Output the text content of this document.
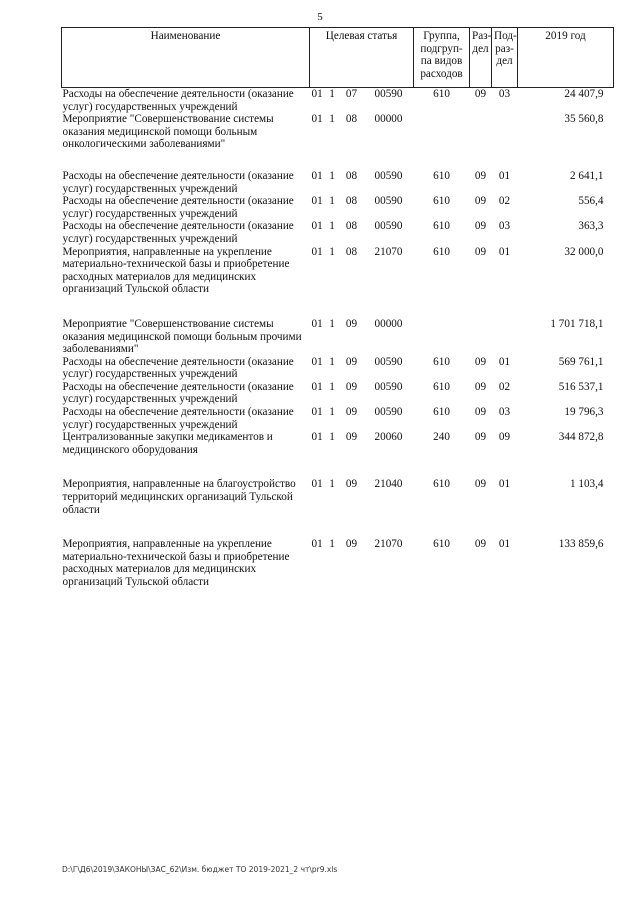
5
Наименование	Целевая статья				Группа, подгруп-па видов расходов	Раз-дел	Под-раз-дел	2019 год
Расходы на обеспечение деятельности (оказание услуг) государственных учреждений	01	1	07	00590	610	09	03	24 407,9
Мероприятие "Совершенствование системы оказания медицинской помощи больным онкологическими заболеваниями"	01	1	08	00000				35 560,8
Расходы на обеспечение деятельности (оказание услуг) государственных учреждений	01	1	08	00590	610	09	01	2 641,1
Расходы на обеспечение деятельности (оказание услуг) государственных учреждений	01	1	08	00590	610	09	02	556,4
Расходы на обеспечение деятельности (оказание услуг) государственных учреждений	01	1	08	00590	610	09	03	363,3
Мероприятия, направленные на укрепление материально-технической базы и приобретение расходных материалов для медицинских организаций Тульской области	01	1	08	21070	610	09	01	32 000,0
Мероприятие "Совершенствование системы оказания медицинской помощи больным прочими заболеваниями"	01	1	09	00000				1 701 718,1
Расходы на обеспечение деятельности (оказание услуг) государственных учреждений	01	1	09	00590	610	09	01	569 761,1
Расходы на обеспечение деятельности (оказание услуг) государственных учреждений	01	1	09	00590	610	09	02	516 537,1
Расходы на обеспечение деятельности (оказание услуг) государственных учреждений	01	1	09	00590	610	09	03	19 796,3
Централизованные закупки медикаментов и медицинского оборудования	01	1	09	20060	240	09	09	344 872,8
Мероприятия, направленные на благоустройство территорий медицинских организаций Тульской области	01	1	09	21040	610	09	01	1 103,4
Мероприятия, направленные на укрепление материально-технической базы и приобретение расходных материалов для медицинских организаций Тульской области	01	1	09	21070	610	09	01	133 859,6
D:\Г\Д6\2019\ЗАКОНЫ\ЗАС_62\Изм. бюджет ТО 2019-2021_2 чт\pr9.xls
